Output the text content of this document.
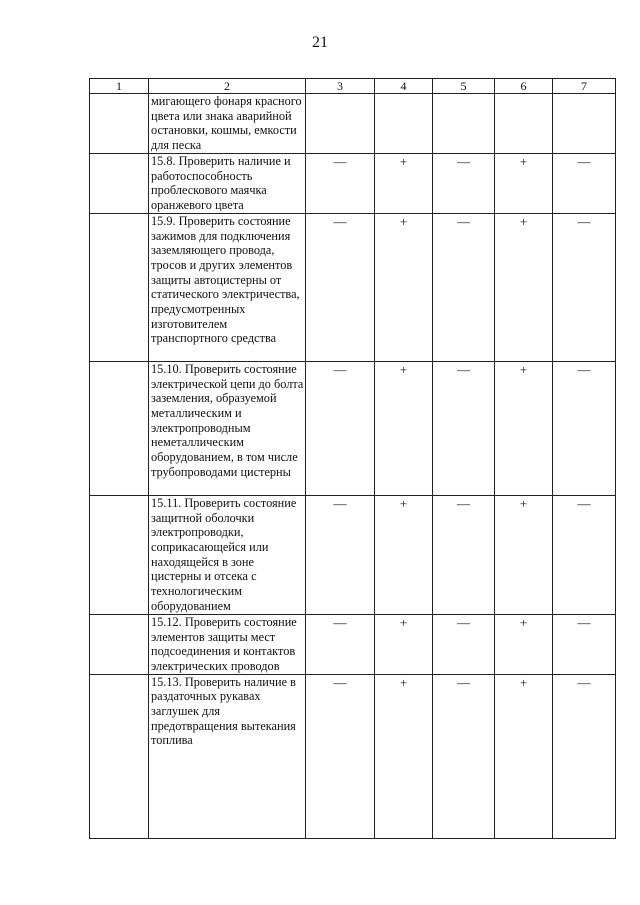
21
1	2	3	4	5	6	7
	мигающего фонаря красного цвета или знака аварийной остановки, кошмы, емкости для песка					
	15.8. Проверить наличие и работоспособность проблескового маячка оранжевого цвета	—	+	—	+	—
	15.9. Проверить состояние зажимов для подключения заземляющего провода, тросов и других элементов защиты автоцистерны от статического электричества, предусмотренных изготовителем транспортного средства	—	+	—	+	—
	15.10. Проверить состояние электрической цепи до болта заземления, образуемой металлическим и электропроводным неметаллическим оборудованием, в том числе трубопроводами цистерны	—	+	—	+	—
	15.11. Проверить состояние защитной оболочки электропроводки, соприкасающейся или находящейся в зоне цистерны и отсека с технологическим оборудованием	—	+	—	+	—
	15.12. Проверить состояние элементов защиты мест подсоединения и контактов электрических проводов	—	+	—	+	—
	15.13. Проверить наличие в раздаточных рукавах заглушек для предотвращения вытекания топлива	—	+	—	+	—
